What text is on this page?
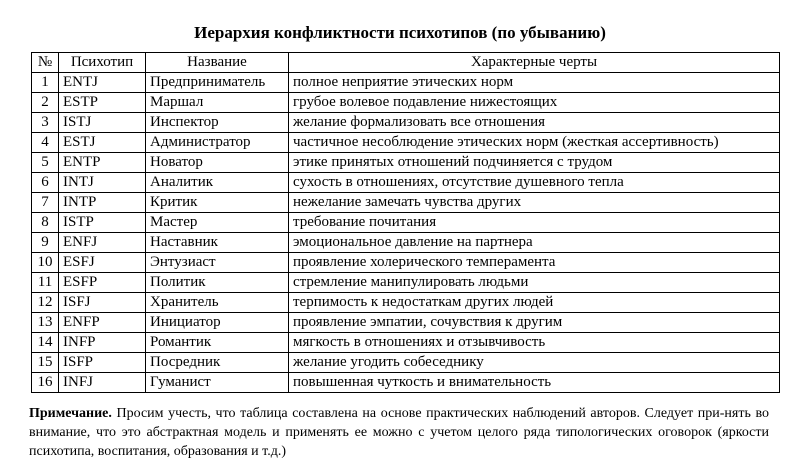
Иерархия конфликтности психотипов (по убыванию)
№	Психотип	Название	Характерные черты
1	ENTJ	Предприниматель	полное неприятие этических норм
2	ESTP	Маршал	грубое волевое подавление нижестоящих
3	ISTJ	Инспектор	желание формализовать все отношения
4	ESTJ	Администратор	частичное несоблюдение этических норм (жесткая ассертивность)
5	ENTP	Новатор	этике принятых отношений подчиняется с трудом
6	INTJ	Аналитик	сухость в отношениях, отсутствие душевного тепла
7	INTP	Критик	нежелание замечать чувства других
8	ISTP	Мастер	требование почитания
9	ENFJ	Наставник	эмоциональное давление на партнера
10	ESFJ	Энтузиаст	проявление холерического темперамента
11	ESFP	Политик	стремление манипулировать людьми
12	ISFJ	Хранитель	терпимость к недостаткам других людей
13	ENFP	Инициатор	проявление эмпатии, сочувствия к другим
14	INFP	Романтик	мягкость в отношениях и отзывчивость
15	ISFP	Посредник	желание угодить собеседнику
16	INFJ	Гуманист	повышенная чуткость и внимательность
Примечание. Просим учесть, что таблица составлена на основе практических наблюдений авторов. Следует при-нять во внимание, что это абстрактная модель и применять ее можно с учетом целого ряда типологических оговорок (яркости психотипа, воспитания, образования и т.д.)
